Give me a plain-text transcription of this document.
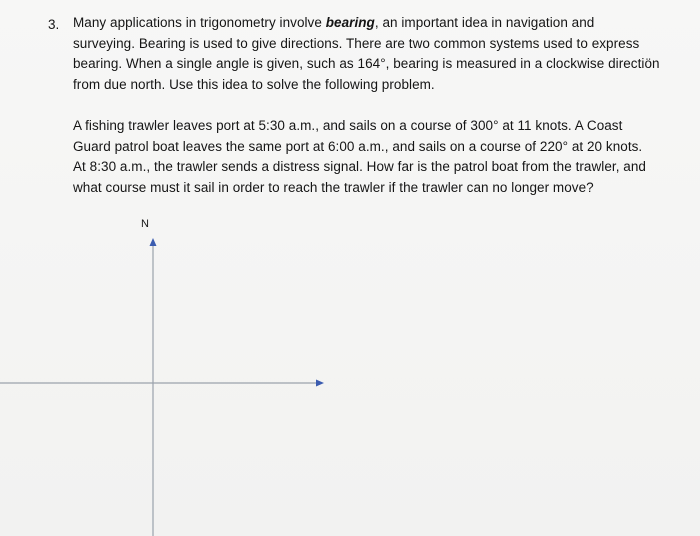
3. Many applications in trigonometry involve bearing, an important idea in navigation and
surveying. Bearing is used to give directions. There are two common systems used to express
bearing. When a single angle is given, such as 164°, bearing is measured in a clockwise directiön
from due north. Use this idea to solve the following problem.

A fishing trawler leaves port at 5:30 a.m., and sails on a course of 300° at 11 knots. A Coast
Guard patrol boat leaves the same port at 6:00 a.m., and sails on a course of 220° at 20 knots.
At 8:30 a.m., the trawler sends a distress signal. How far is the patrol boat from the trawler, and
what course must it sail in order to reach the trawler if the trawler can no longer move?

N
